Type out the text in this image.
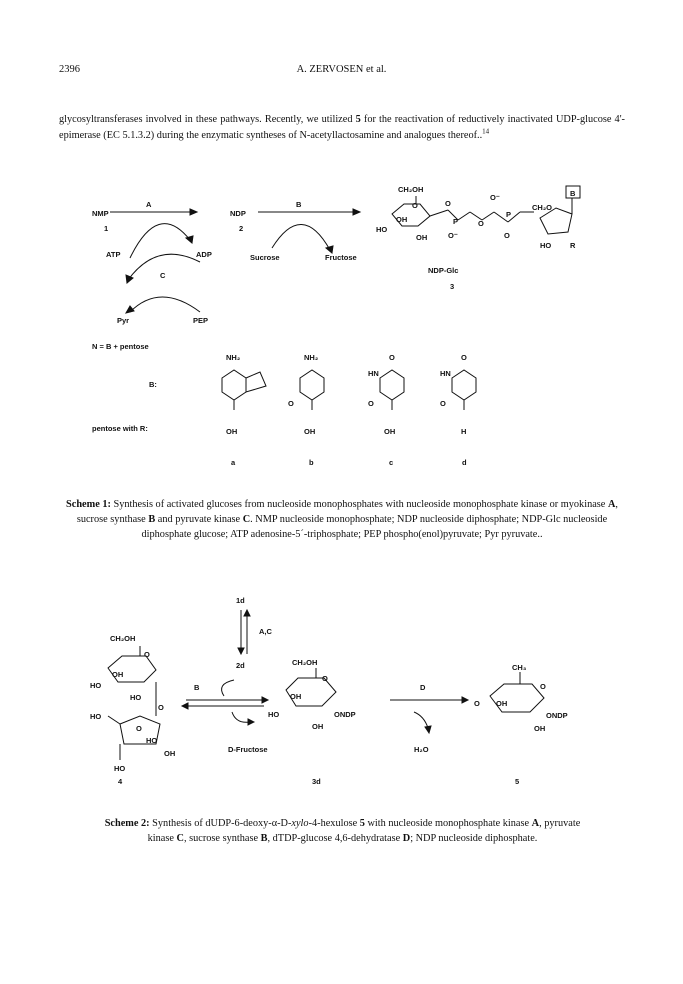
2396	A. ZERVOSEN et al.
glycosyltransferases involved in these pathways. Recently, we utilized 5 for the reactivation of reductively inactivated UDP-glucose 4'-epimerase (EC 5.1.3.2) during the enzymatic syntheses of N-acetyllactosamine and analogues thereof..$^{14}$
NMP
1
A
NDP
2
B
Sucrose	Fructose
ATP	ADP
C
Pyr	PEP
CH₂OH
O
OH
HO
OH
O
P
O⁻
O
O⁻
P
O
CH₂O
B
HO	R
NDP-Glc
3
N = B + pentose
B:
pentose with R:
NH₂	NH₂	O	O
HN	HN
O	O	O
OH	OH	OH	H
a	b	c	d
Scheme 1: Synthesis of activated glucoses from nucleoside monophosphates with nucleoside monophosphate kinase or myokinase A, sucrose synthase B and pyruvate kinase C. NMP nucleoside monophosphate; NDP nucleoside diphosphate; NDP-Glc nucleoside diphosphate glucose; ATP adenosine-5´-triphosphate; PEP phospho(enol)pyruvate; Pyr pyruvate..
1d
A,C
2d
B	D
D-Fructose	H₂O
CH₂OH
O
OH
HO
HO
O
HO
O
HO
OH
HO
CH₂OH
O
OH
HO	ONDP
OH
CH₃
O
O OH
ONDP
OH
4	3d	5
Scheme 2: Synthesis of dUDP-6-deoxy-α-D-xylo-4-hexulose 5 with nucleoside monophosphate kinase A, pyruvate kinase C, sucrose synthase B, dTDP-glucose 4,6-dehydratase D; NDP nucleoside diphosphate.
